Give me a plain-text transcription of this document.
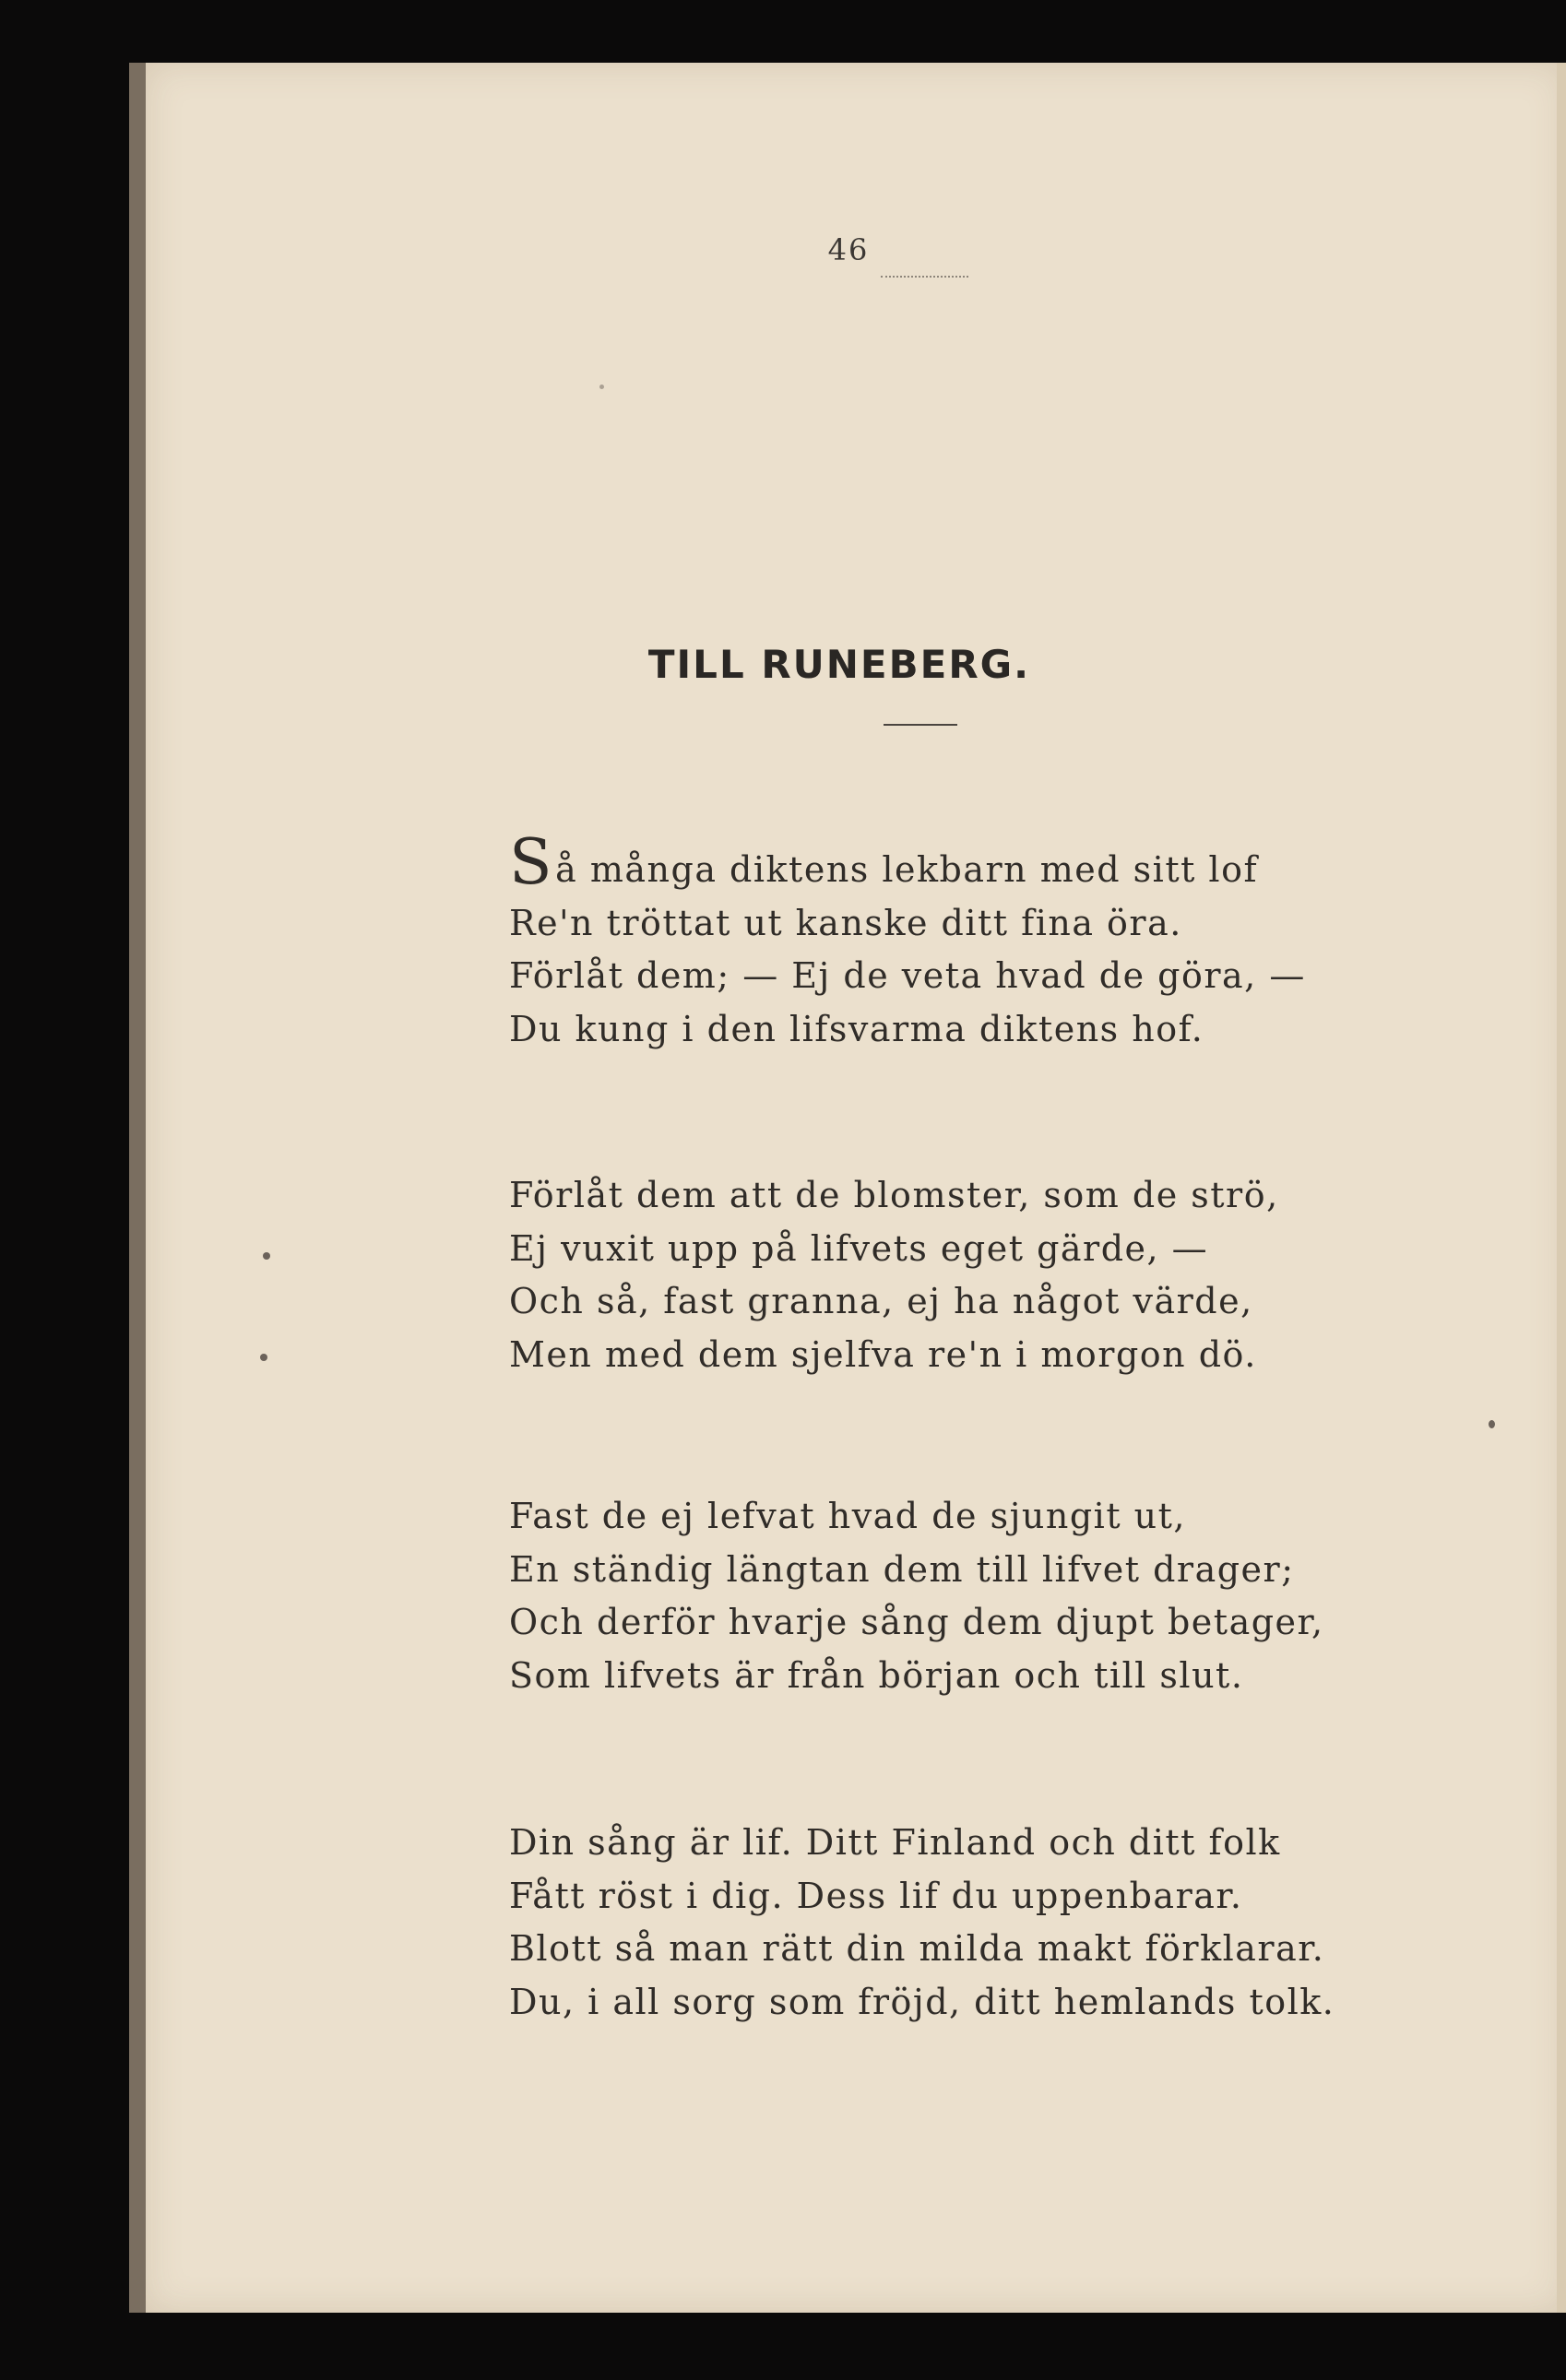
46
TILL RUNEBERG.
Så många diktens lekbarn med sitt lof
Re'n tröttat ut kanske ditt fina öra.
Förlåt dem; — Ej de veta hvad de göra, —
Du kung i den lifsvarma diktens hof.
Förlåt dem att de blomster, som de strö,
Ej vuxit upp på lifvets eget gärde, —
Och så, fast granna, ej ha något värde,
Men med dem sjelfva re'n i morgon dö.
Fast de ej lefvat hvad de sjungit ut,
En ständig längtan dem till lifvet drager;
Och derför hvarje sång dem djupt betager,
Som lifvets är från början och till slut.
Din sång är lif. Ditt Finland och ditt folk
Fått röst i dig. Dess lif du uppenbarar.
Blott så man rätt din milda makt förklarar.
Du, i all sorg som fröjd, ditt hemlands tolk.
